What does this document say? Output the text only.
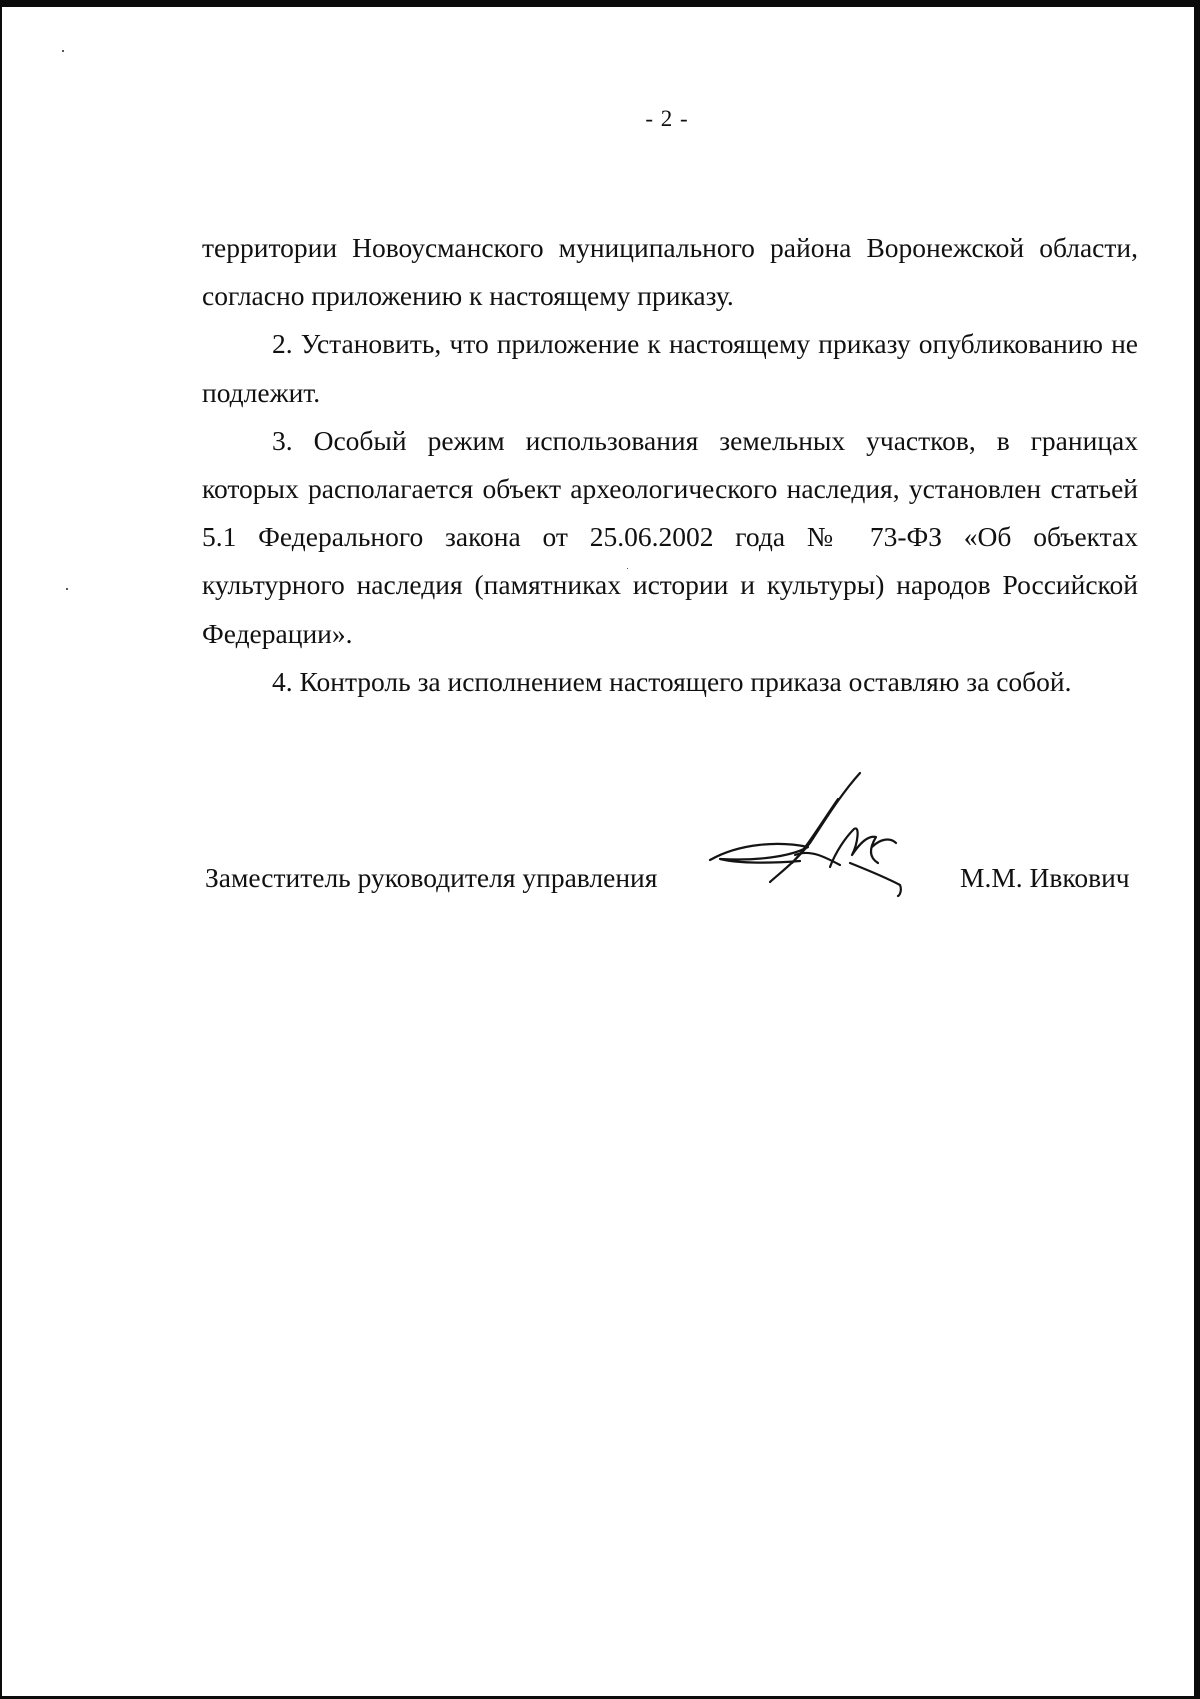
- 2 -

территории Новоусманского муниципального района Воронежской области, согласно приложению к настоящему приказу.

2. Установить, что приложение к настоящему приказу опубликованию не подлежит.

3. Особый режим использования земельных участков, в границах которых располагается объект археологического наследия, установлен статьей 5.1 Федерального закона от 25.06.2002 года № 73-ФЗ «Об объектах культурного наследия (памятниках истории и культуры) народов Российской Федерации».

4. Контроль за исполнением настоящего приказа оставляю за собой.

Заместитель руководителя управления	М.М. Ивкович
